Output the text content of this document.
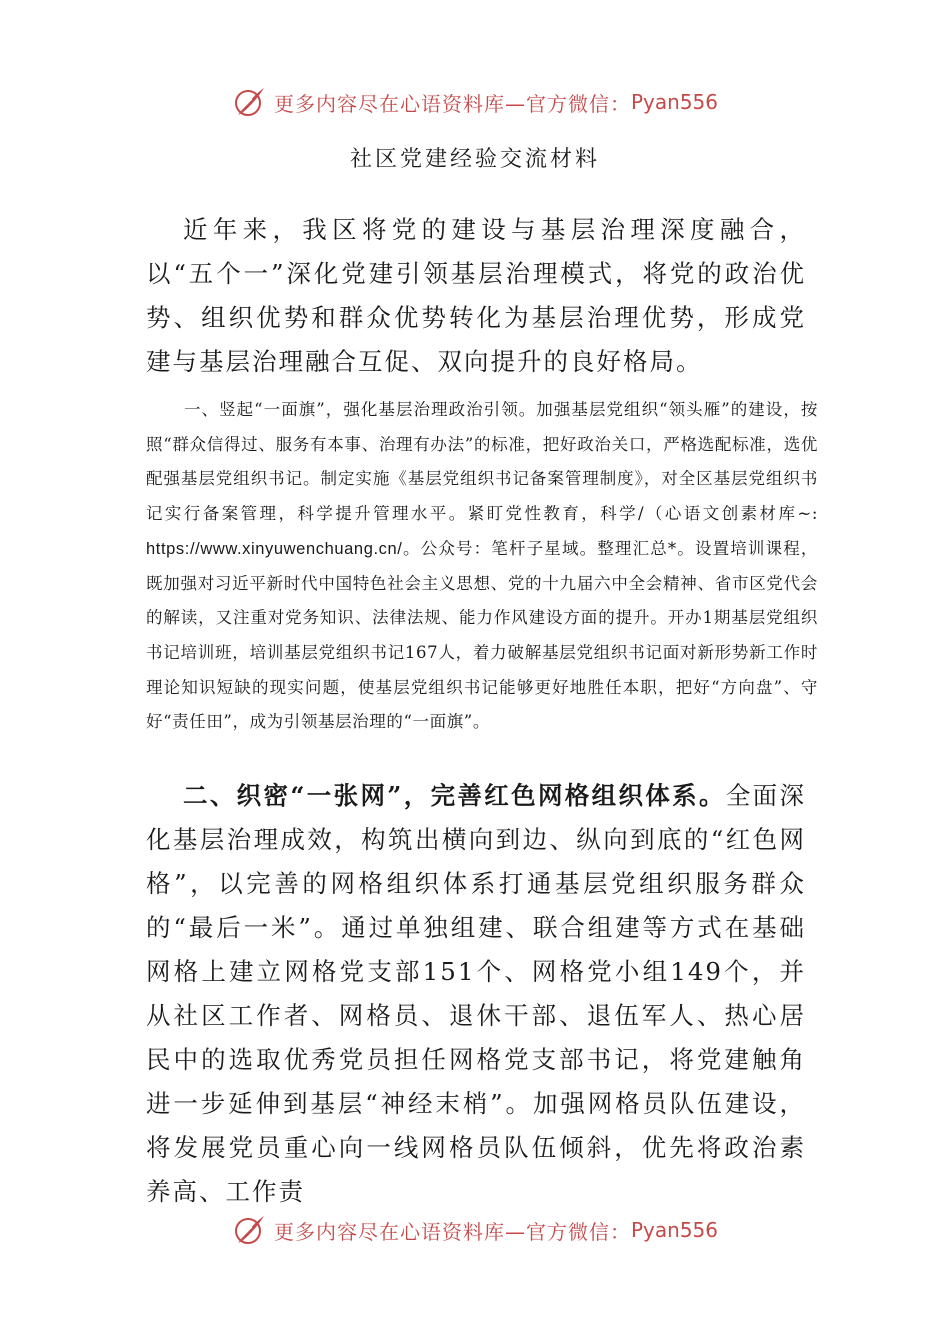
更多内容尽在心语资料库—官方微信： Pyan556
社区党建经验交流材料

近年来，我区将党的建设与基层治理深度融合，以“五个一”深化党建引领基层治理模式，将党的政治优势、组织优势和群众优势转化为基层治理优势，形成党建与基层治理融合互促、双向提升的良好格局。

一、竖起“一面旗”，强化基层治理政治引领。加强基层党组织“领头雁”的建设，按照“群众信得过、服务有本事、治理有办法”的标准，把好政治关口，严格选配标准，选优配强基层党组织书记。制定实施《基层党组织书记备案管理制度》，对全区基层党组织书记实行备案管理，科学提升管理水平。紧盯党性教育，科学/（心语文创素材库~: https://www.xinyuwenchuang.cn/。公众号：笔杆子星域。整理汇总*。设置培训课程，既加强对习近平新时代中国特色社会主义思想、党的十九届六中全会精神、省市区党代会的解读，又注重对党务知识、法律法规、能力作风建设方面的提升。开办1期基层党组织书记培训班，培训基层党组织书记167人，着力破解基层党组织书记面对新形势新工作时理论知识短缺的现实问题，使基层党组织书记能够更好地胜任本职，把好“方向盘”、守好“责任田”，成为引领基层治理的“一面旗”。

二、织密“一张网”，完善红色网格组织体系。全面深化基层治理成效，构筑出横向到边、纵向到底的“红色网格”，以完善的网格组织体系打通基层党组织服务群众的“最后一米”。通过单独组建、联合组建等方式在基础网格上建立网格党支部151个、网格党小组149个，并从社区工作者、网格员、退休干部、退伍军人、热心居民中的选取优秀党员担任网格党支部书记，将党建触角进一步延伸到基层“神经末梢”。加强网格员队伍建设，将发展党员重心向一线网格员队伍倾斜，优先将政治素养高、工作责

更多内容尽在心语资料库—官方微信： Pyan556
